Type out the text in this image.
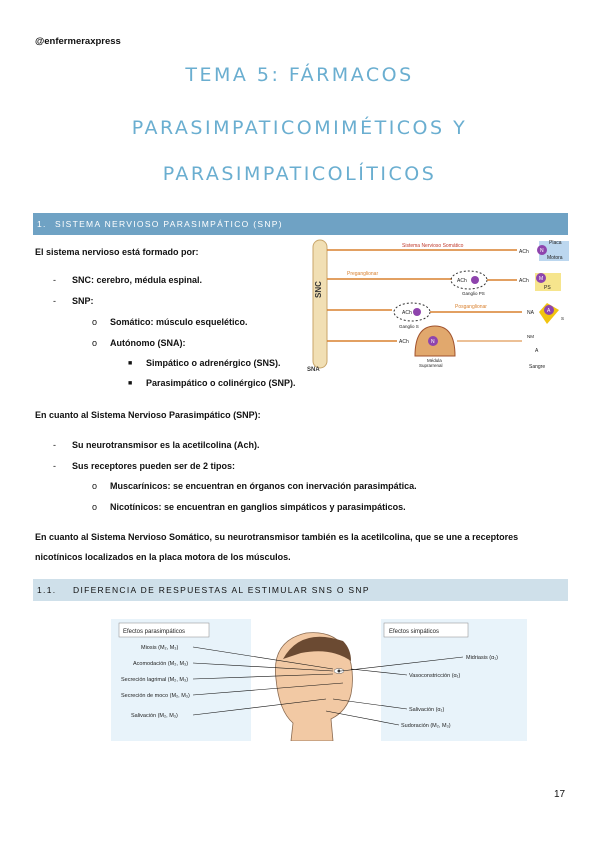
@enfermeraxpress
TEMA 5: FÁRMACOS
PARASIMPATICOMIMÉTICOS Y
PARASIMPATICOLÍTICOS
1. SISTEMA NERVIOSO PARASIMPÁTICO (SNP)
El sistema nervioso está formado por:
- SNC: cerebro, médula espinal.
- SNP:
o Somático: músculo esquelético.
o Autónomo (SNA):
■ Simpático o adrenérgico (SNS).
■ Parasimpático o colinérgico (SNP).
SNC
SNA
Sistema Nervioso Somático
ACh N
Placa
Motora
Preganglionar
ACh
Ganglio PS
ACh M
PS
ACh
Ganglio S
Posganglionar
NA	A
S
ACh	N
Médula
Suprarrenal
NM
A
Sangre
En cuanto al Sistema Nervioso Parasimpático (SNP):
- Su neurotransmisor es la acetilcolina (Ach).
- Sus receptores pueden ser de 2 tipos:
o Muscarínicos: se encuentran en órganos con inervación parasimpática.
o Nicotínicos: se encuentran en ganglios simpáticos y parasimpáticos.
En cuanto al Sistema Nervioso Somático, su neurotransmisor también es la acetilcolina, que se une a receptores
nicotínicos localizados en la placa motora de los músculos.
1.1. DIFERENCIA DE RESPUESTAS AL ESTIMULAR SNS O SNP
Efectos parasimpáticos	Efectos simpáticos
Miosis (M₂, M₃)
Acomodación (M₂, M₃)
Secreción lagrimal (M₂, M₃)
Secreción de moco (M₂, M₃)
Salivación (M₂, M₃)
Midriasis (α₁)
Vasoconstricción (α₁)
Salivación (α₁)
Sudoración (M₂, M₃)
17
